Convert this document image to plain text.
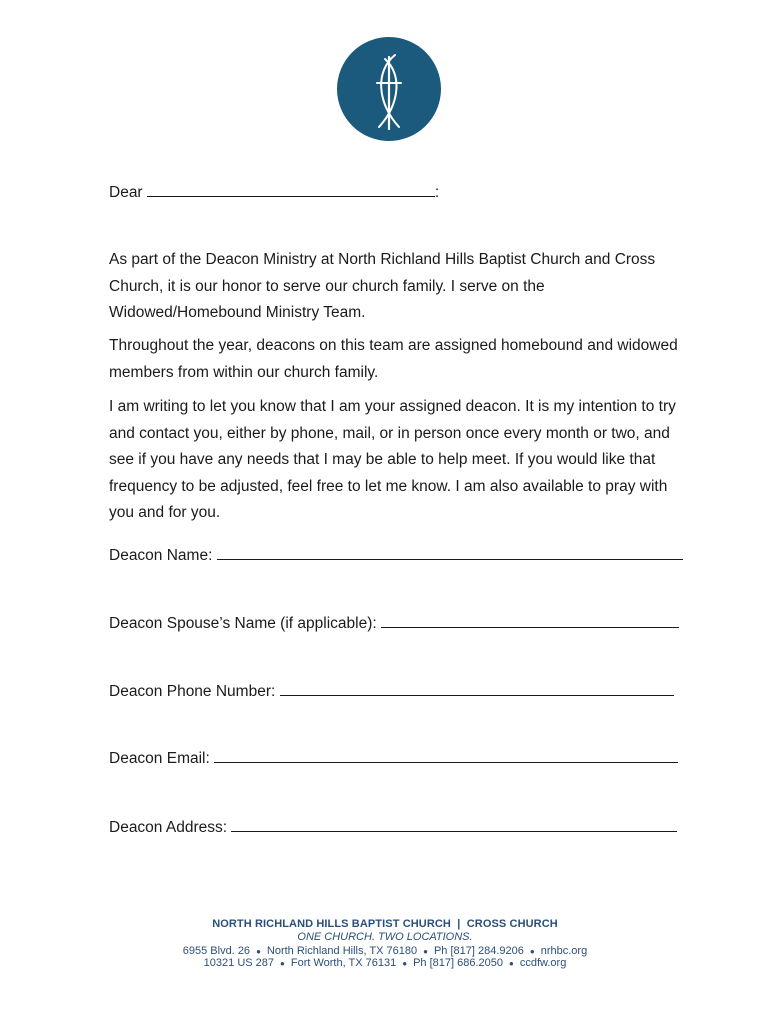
Dear	:
As part of the Deacon Ministry at North Richland Hills Baptist Church and Cross Church, it is our honor to serve our church family. I serve on the Widowed/Homebound Ministry Team.
Throughout the year, deacons on this team are assigned homebound and widowed members from within our church family.
I am writing to let you know that I am your assigned deacon. It is my intention to try and contact you, either by phone, mail, or in person once every month or two, and see if you have any needs that I may be able to help meet. If you would like that frequency to be adjusted, feel free to let me know. I am also available to pray with you and for you.
Deacon Name:
Deacon Spouse’s Name (if applicable):
Deacon Phone Number:
Deacon Email:
Deacon Address:
NORTH RICHLAND HILLS BAPTIST CHURCH  |  CROSS CHURCH
ONE CHURCH. TWO LOCATIONS.
6955 Blvd. 26 ● North Richland Hills, TX 76180 ● Ph [817] 284.9206 ● nrhbc.org
10321 US 287 ● Fort Worth, TX 76131 ● Ph [817] 686.2050 ● ccdfw.org
